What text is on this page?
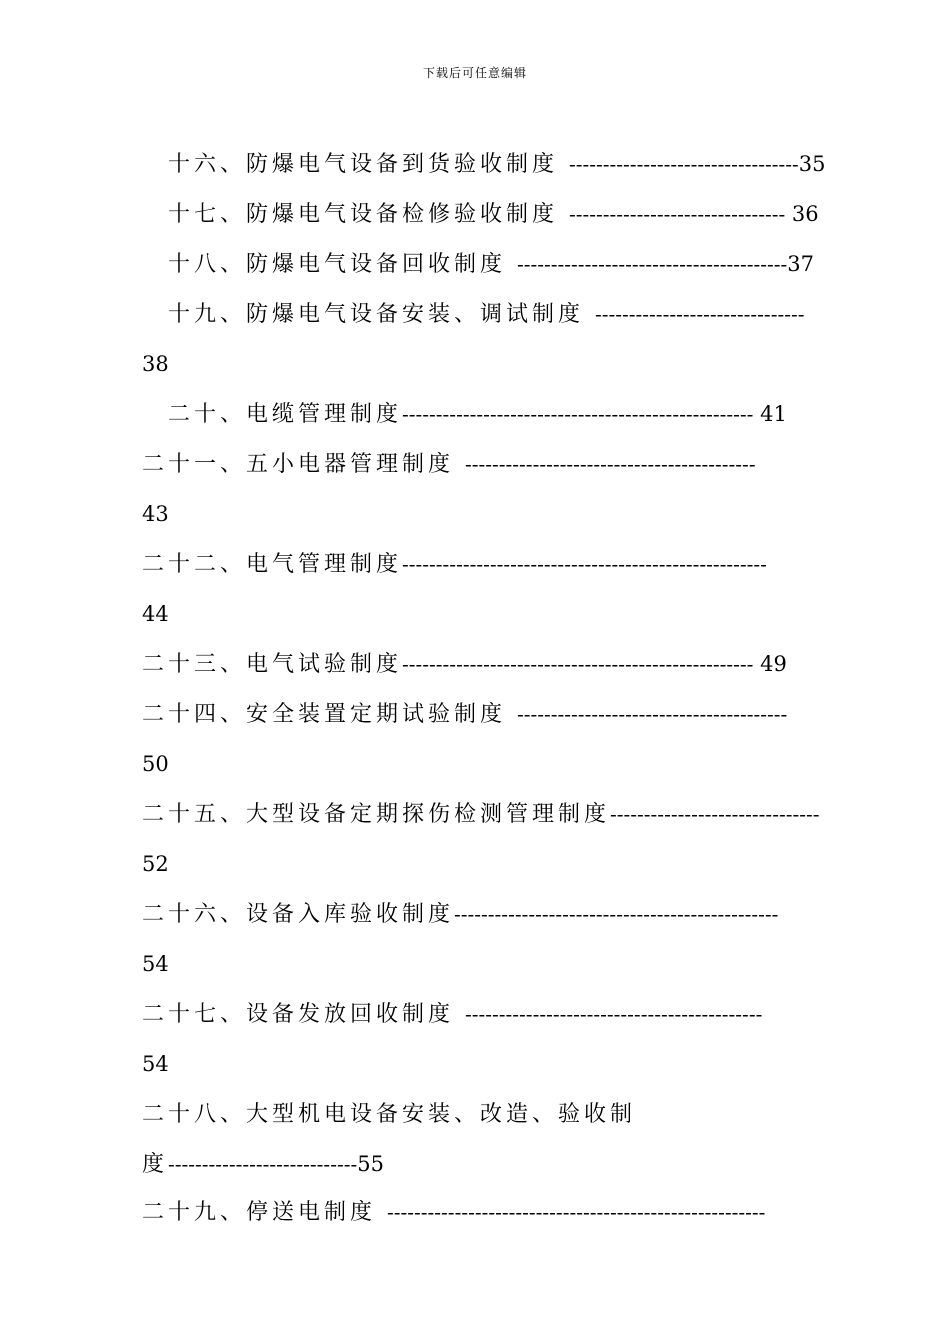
下载后可任意编辑

十六、防爆电气设备到货验收制度 ----------------------------------35

十七、防爆电气设备检修验收制度 -------------------------------- 36

十八、防爆电气设备回收制度 ----------------------------------------37

十九、防爆电气设备安装、调试制度 -------------------------------

38

二十、电缆管理制度---------------------------------------------------- 41

二十一、五小电器管理制度 -------------------------------------------

43

二十二、电气管理制度------------------------------------------------------

44

二十三、电气试验制度---------------------------------------------------- 49

二十四、安全装置定期试验制度 ----------------------------------------

50

二十五、大型设备定期探伤检测管理制度-------------------------------

52

二十六、设备入库验收制度------------------------------------------------

54

二十七、设备发放回收制度 --------------------------------------------

54

二十八、大型机电设备安装、改造、验收制

度----------------------------55

二十九、停送电制度 --------------------------------------------------------
